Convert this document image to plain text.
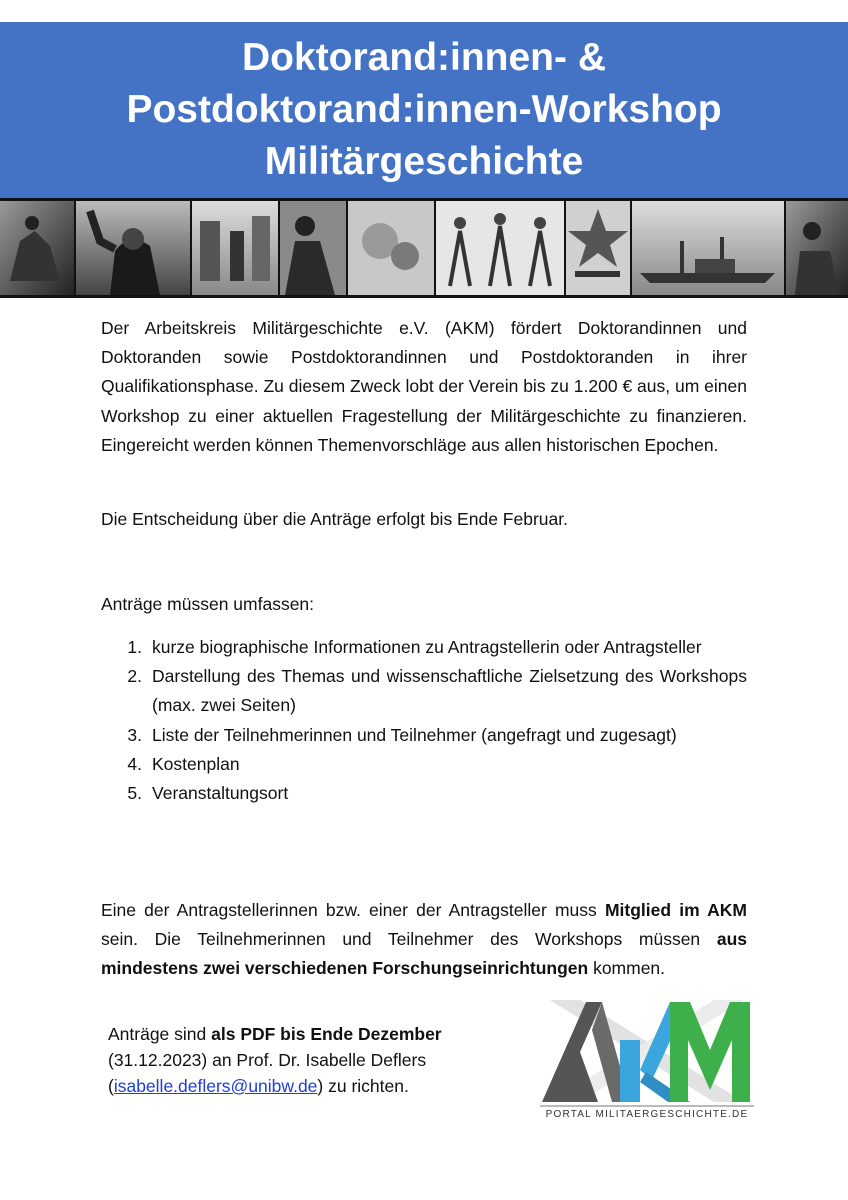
Doktorand:innen- &
Postdoktorand:innen-Workshop
Militärgeschichte
Der Arbeitskreis Militärgeschichte e.V. (AKM) fördert Doktorandinnen und Doktoranden sowie Postdoktorandinnen und Postdoktoranden in ihrer Qualifikationsphase. Zu diesem Zweck lobt der Verein bis zu 1.200 € aus, um einen Workshop zu einer aktuellen Fragestellung der Militärgeschichte zu finanzieren. Eingereicht werden können Themenvorschläge aus allen historischen Epochen.
Die Entscheidung über die Anträge erfolgt bis Ende Februar.
Anträge müssen umfassen:
1. kurze biographische Informationen zu Antragstellerin oder Antragsteller
2. Darstellung des Themas und wissenschaftliche Zielsetzung des Workshops (max. zwei Seiten)
3. Liste der Teilnehmerinnen und Teilnehmer (angefragt und zugesagt)
4. Kostenplan
5. Veranstaltungsort
Eine der Antragstellerinnen bzw. einer der Antragsteller muss Mitglied im AKM sein. Die Teilnehmerinnen und Teilnehmer des Workshops müssen aus mindestens zwei verschiedenen Forschungseinrichtungen kommen.
Anträge sind als PDF bis Ende Dezember
(31.12.2023) an Prof. Dr. Isabelle Deflers
(isabelle.deflers@unibw.de) zu richten.
PORTAL MILITAERGESCHICHTE.DE
